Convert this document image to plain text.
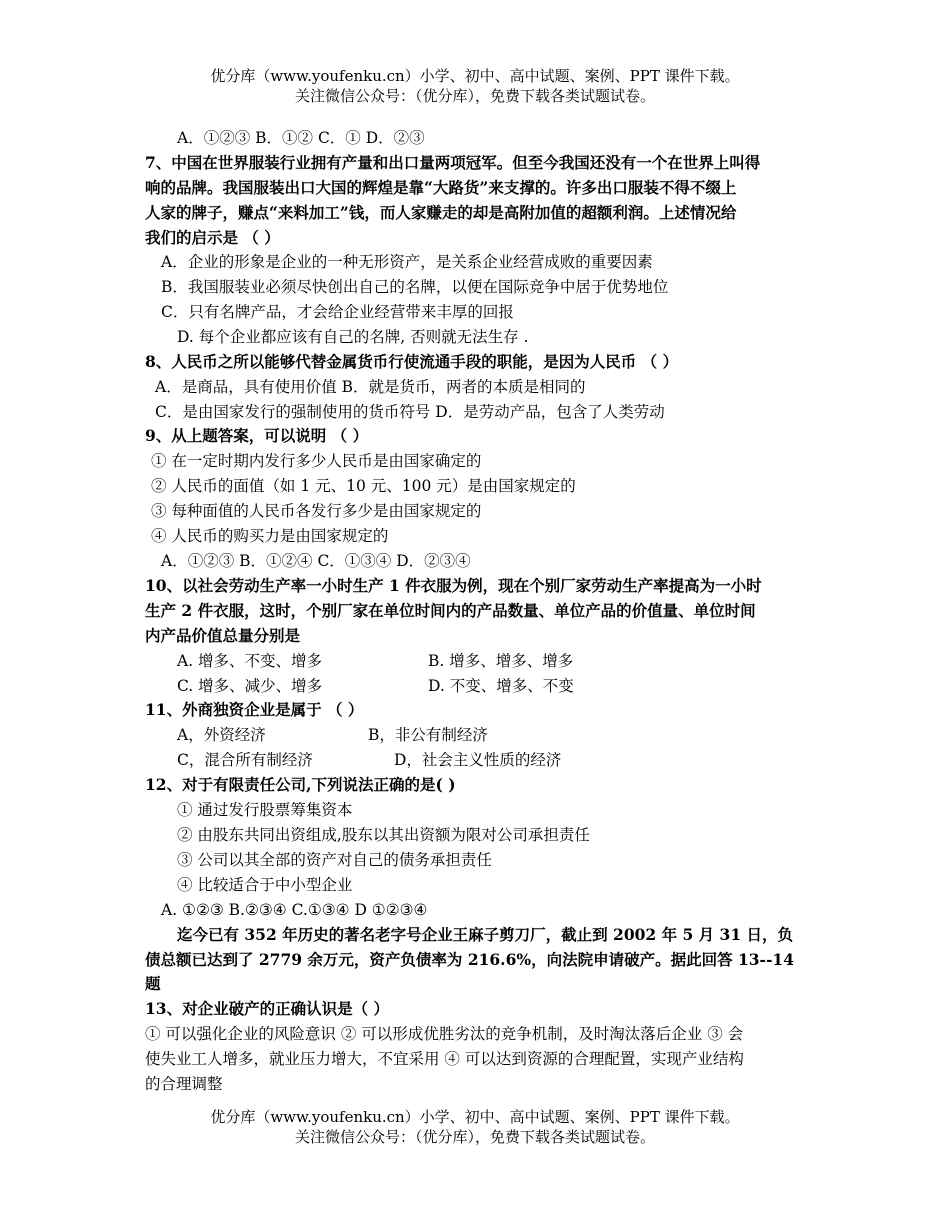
优分库（www.youfenku.cn）小学、初中、高中试题、案例、PPT 课件下载。
关注微信公众号：（优分库），免费下载各类试题试卷。
A．①②③ B．①② C．① D．②③
7、中国在世界服装行业拥有产量和出口量两项冠军。但至今我国还没有一个在世界上叫得
响的品牌。我国服装出口大国的辉煌是靠“大路货”来支撑的。许多出口服装不得不缀上
人家的牌子，赚点“来料加工”钱，而人家赚走的却是高附加值的超额利润。上述情况给
我们的启示是 （ ）
A．企业的形象是企业的一种无形资产，是关系企业经营成败的重要因素
B．我国服装业必须尽快创出自己的名牌，以便在国际竞争中居于优势地位
C．只有名牌产品，才会给企业经营带来丰厚的回报
D. 每个企业都应该有自己的名牌, 否则就无法生存 .
8、人民币之所以能够代替金属货币行使流通手段的职能，是因为人民币 （ ）
A．是商品，具有使用价值 B．就是货币，两者的本质是相同的
C．是由国家发行的强制使用的货币符号 D．是劳动产品，包含了人类劳动
9、从上题答案，可以说明 （ ）
① 在一定时期内发行多少人民币是由国家确定的
② 人民币的面值（如 1 元、10 元、100 元）是由国家规定的
③ 每种面值的人民币各发行多少是由国家规定的
④ 人民币的购买力是由国家规定的
A．①②③ B．①②④ C．①③④ D．②③④
10、以社会劳动生产率一小时生产 1 件衣服为例，现在个别厂家劳动生产率提高为一小时
生产 2 件衣服，这时，个别厂家在单位时间内的产品数量、单位产品的价值量、单位时间
内产品价值总量分别是
A. 增多、不变、增多	B. 增多、增多、增多
C. 增多、减少、增多	D. 不变、增多、不变
11、外商独资企业是属于 （ ）
A，外资经济	B，非公有制经济
C，混合所有制经济	D，社会主义性质的经济
12、对于有限责任公司,下列说法正确的是( )
① 通过发行股票筹集资本
② 由股东共同出资组成,股东以其出资额为限对公司承担责任
③ 公司以其全部的资产对自己的债务承担责任
④ 比较适合于中小型企业
A. ①②③ B.②③④ C.①③④ D ①②③④
迄今已有 352 年历史的著名老字号企业王麻子剪刀厂，截止到 2002 年 5 月 31 日，负
债总额已达到了 2779 余万元，资产负债率为 216.6%，向法院申请破产。据此回答 13--14
题
13、对企业破产的正确认识是（ ）
① 可以强化企业的风险意识 ② 可以形成优胜劣汰的竞争机制，及时淘汰落后企业 ③ 会
使失业工人增多，就业压力增大，不宜采用 ④ 可以达到资源的合理配置，实现产业结构
的合理调整
优分库（www.youfenku.cn）小学、初中、高中试题、案例、PPT 课件下载。
关注微信公众号：（优分库），免费下载各类试题试卷。
